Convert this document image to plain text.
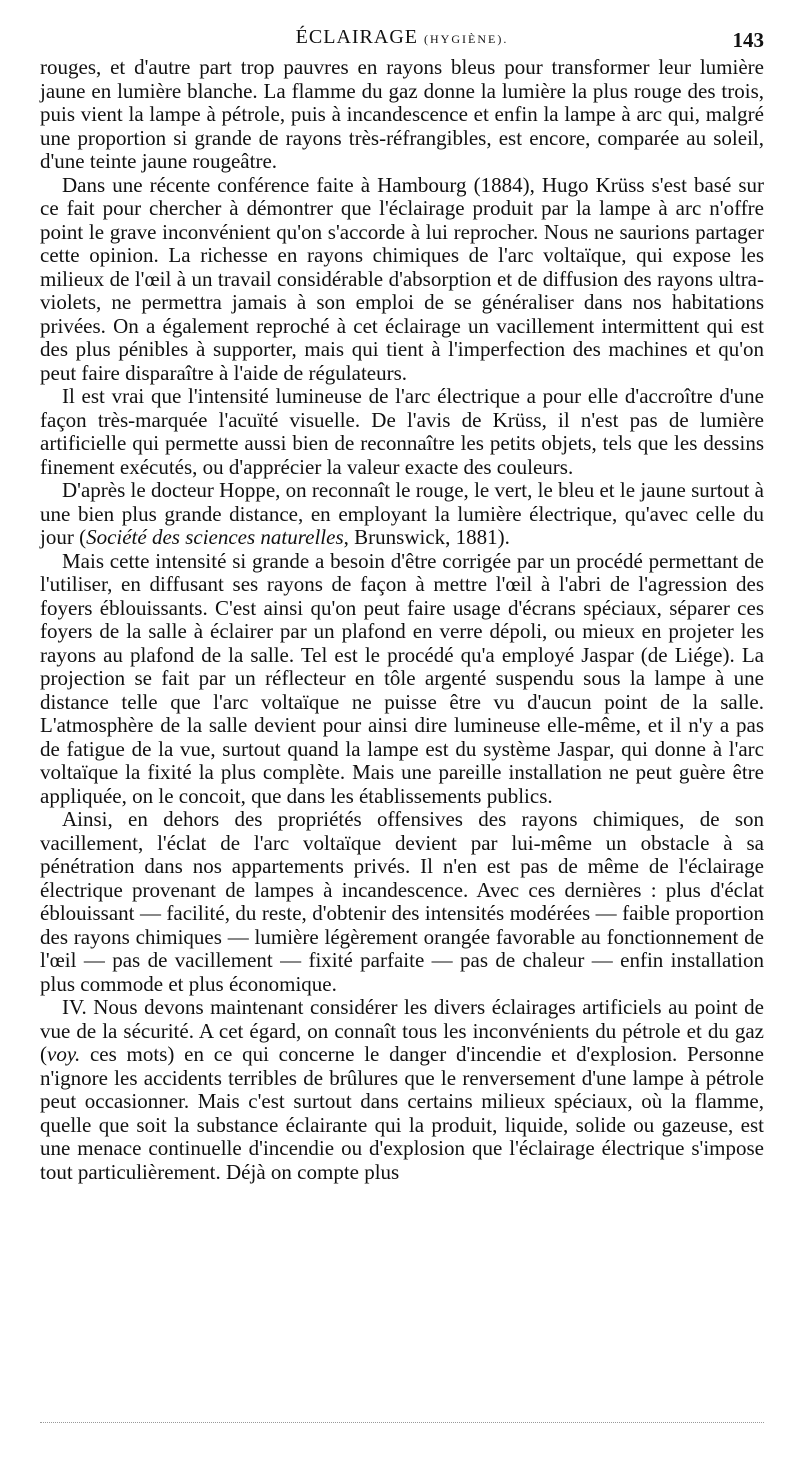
ÉCLAIRAGE (HYGIÈNE).	143

rouges, et d'autre part trop pauvres en rayons bleus pour transformer leur lumière jaune en lumière blanche. La flamme du gaz donne la lumière la plus rouge des trois, puis vient la lampe à pétrole, puis à incandescence et enfin la lampe à arc qui, malgré une proportion si grande de rayons très-réfrangibles, est encore, comparée au soleil, d'une teinte jaune rougeâtre.

Dans une récente conférence faite à Hambourg (1884), Hugo Krüss s'est basé sur ce fait pour chercher à démontrer que l'éclairage produit par la lampe à arc n'offre point le grave inconvénient qu'on s'accorde à lui reprocher. Nous ne saurions partager cette opinion. La richesse en rayons chimiques de l'arc voltaïque, qui expose les milieux de l'œil à un travail considérable d'absorption et de diffusion des rayons ultra-violets, ne permettra jamais à son emploi de se généraliser dans nos habitations privées. On a également reproché à cet éclairage un vacillement intermittent qui est des plus pénibles à supporter, mais qui tient à l'imperfection des machines et qu'on peut faire disparaître à l'aide de régulateurs.

Il est vrai que l'intensité lumineuse de l'arc électrique a pour elle d'accroître d'une façon très-marquée l'acuïté visuelle. De l'avis de Krüss, il n'est pas de lumière artificielle qui permette aussi bien de reconnaître les petits objets, tels que les dessins finement exécutés, ou d'apprécier la valeur exacte des couleurs.

D'après le docteur Hoppe, on reconnaît le rouge, le vert, le bleu et le jaune surtout à une bien plus grande distance, en employant la lumière électrique, qu'avec celle du jour (Société des sciences naturelles, Brunswick, 1881).

Mais cette intensité si grande a besoin d'être corrigée par un procédé permettant de l'utiliser, en diffusant ses rayons de façon à mettre l'œil à l'abri de l'agression des foyers éblouissants. C'est ainsi qu'on peut faire usage d'écrans spéciaux, séparer ces foyers de la salle à éclairer par un plafond en verre dépoli, ou mieux en projeter les rayons au plafond de la salle. Tel est le procédé qu'a employé Jaspar (de Liége). La projection se fait par un réflecteur en tôle argenté suspendu sous la lampe à une distance telle que l'arc voltaïque ne puisse être vu d'aucun point de la salle. L'atmosphère de la salle devient pour ainsi dire lumineuse elle-même, et il n'y a pas de fatigue de la vue, surtout quand la lampe est du système Jaspar, qui donne à l'arc voltaïque la fixité la plus complète. Mais une pareille installation ne peut guère être appliquée, on le concoit, que dans les établissements publics.

Ainsi, en dehors des propriétés offensives des rayons chimiques, de son vacillement, l'éclat de l'arc voltaïque devient par lui-même un obstacle à sa pénétration dans nos appartements privés. Il n'en est pas de même de l'éclairage électrique provenant de lampes à incandescence. Avec ces dernières : plus d'éclat éblouissant — facilité, du reste, d'obtenir des intensités modérées — faible proportion des rayons chimiques — lumière légèrement orangée favorable au fonctionnement de l'œil — pas de vacillement — fixité parfaite — pas de chaleur — enfin installation plus commode et plus économique.

IV. Nous devons maintenant considérer les divers éclairages artificiels au point de vue de la sécurité. A cet égard, on connaît tous les inconvénients du pétrole et du gaz (voy. ces mots) en ce qui concerne le danger d'incendie et d'explosion. Personne n'ignore les accidents terribles de brûlures que le renversement d'une lampe à pétrole peut occasionner. Mais c'est surtout dans certains milieux spéciaux, où la flamme, quelle que soit la substance éclairante qui la produit, liquide, solide ou gazeuse, est une menace continuelle d'incendie ou d'explosion que l'éclairage électrique s'impose tout particulièrement. Déjà on compte plus
